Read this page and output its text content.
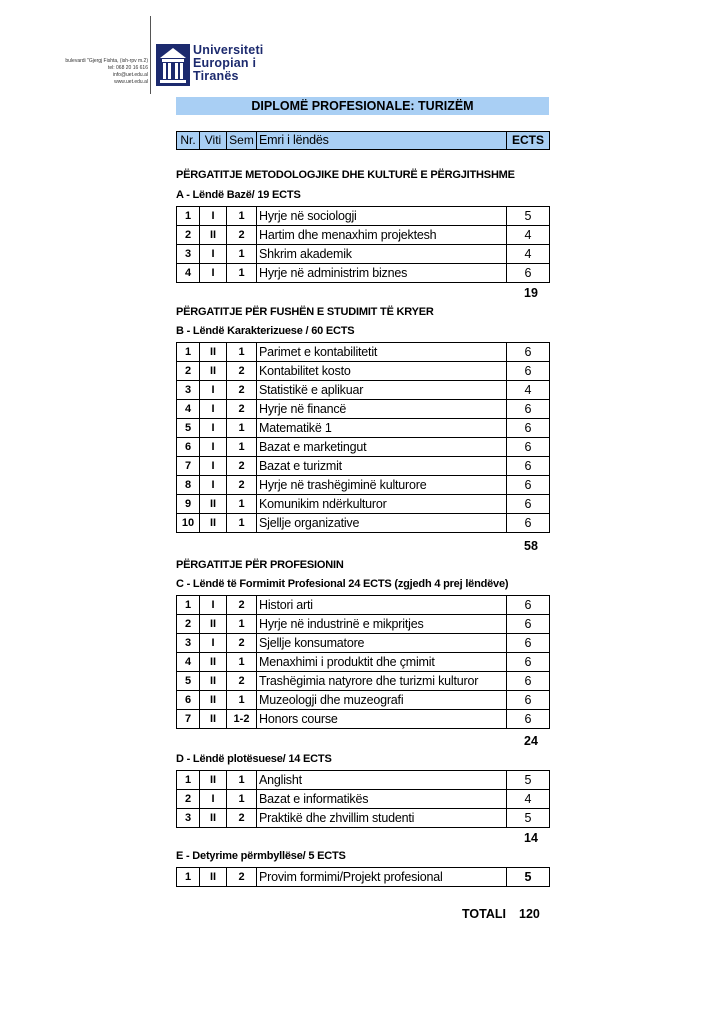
bulevardi "Gjergj Fishta, (ish-rpv m.2)
tel: 068 20 16 616
info@uet.edu.al
www.uet.edu.al
Universiteti
Europian i
Tiranës
DIPLOMË PROFESIONALE: TURIZËM
Nr.	Viti	Sem	Emri i lëndës	ECTS
PËRGATITJE METODOLOGJIKE DHE KULTURË E PËRGJITHSHME
A - Lëndë Bazë/ 19 ECTS
1	I	1	Hyrje në sociologji	5
2	II	2	Hartim dhe menaxhim projektesh	4
3	I	1	Shkrim akademik	4
4	I	1	Hyrje në administrim biznes	6
19
PËRGATITJE PËR FUSHËN E STUDIMIT TË KRYER
B - Lëndë Karakterizuese / 60 ECTS
1	II	1	Parimet e kontabilitetit	6
2	II	2	Kontabilitet kosto	6
3	I	2	Statistikë e aplikuar	4
4	I	2	Hyrje në financë	6
5	I	1	Matematikë 1	6
6	I	1	Bazat e marketingut	6
7	I	2	Bazat e turizmit	6
8	I	2	Hyrje në trashëgiminë kulturore	6
9	II	1	Komunikim ndërkulturor	6
10	II	1	Sjellje organizative	6
58
PËRGATITJE PËR PROFESIONIN
C - Lëndë të Formimit Profesional 24 ECTS (zgjedh 4 prej lëndëve)
1	I	2	Histori arti	6
2	II	1	Hyrje në industrinë e mikpritjes	6
3	I	2	Sjellje konsumatore	6
4	II	1	Menaxhimi i produktit dhe çmimit	6
5	II	2	Trashëgimia natyrore dhe turizmi kulturor	6
6	II	1	Muzeologji dhe muzeografi	6
7	II	1-2	Honors course	6
24
D - Lëndë plotësuese/ 14 ECTS
1	II	1	Anglisht	5
2	I	1	Bazat e informatikës	4
3	II	2	Praktikë dhe zhvillim studenti	5
14
E - Detyrime përmbyllëse/ 5 ECTS
1	II	2	Provim formimi/Projekt profesional	5
TOTALI 120
